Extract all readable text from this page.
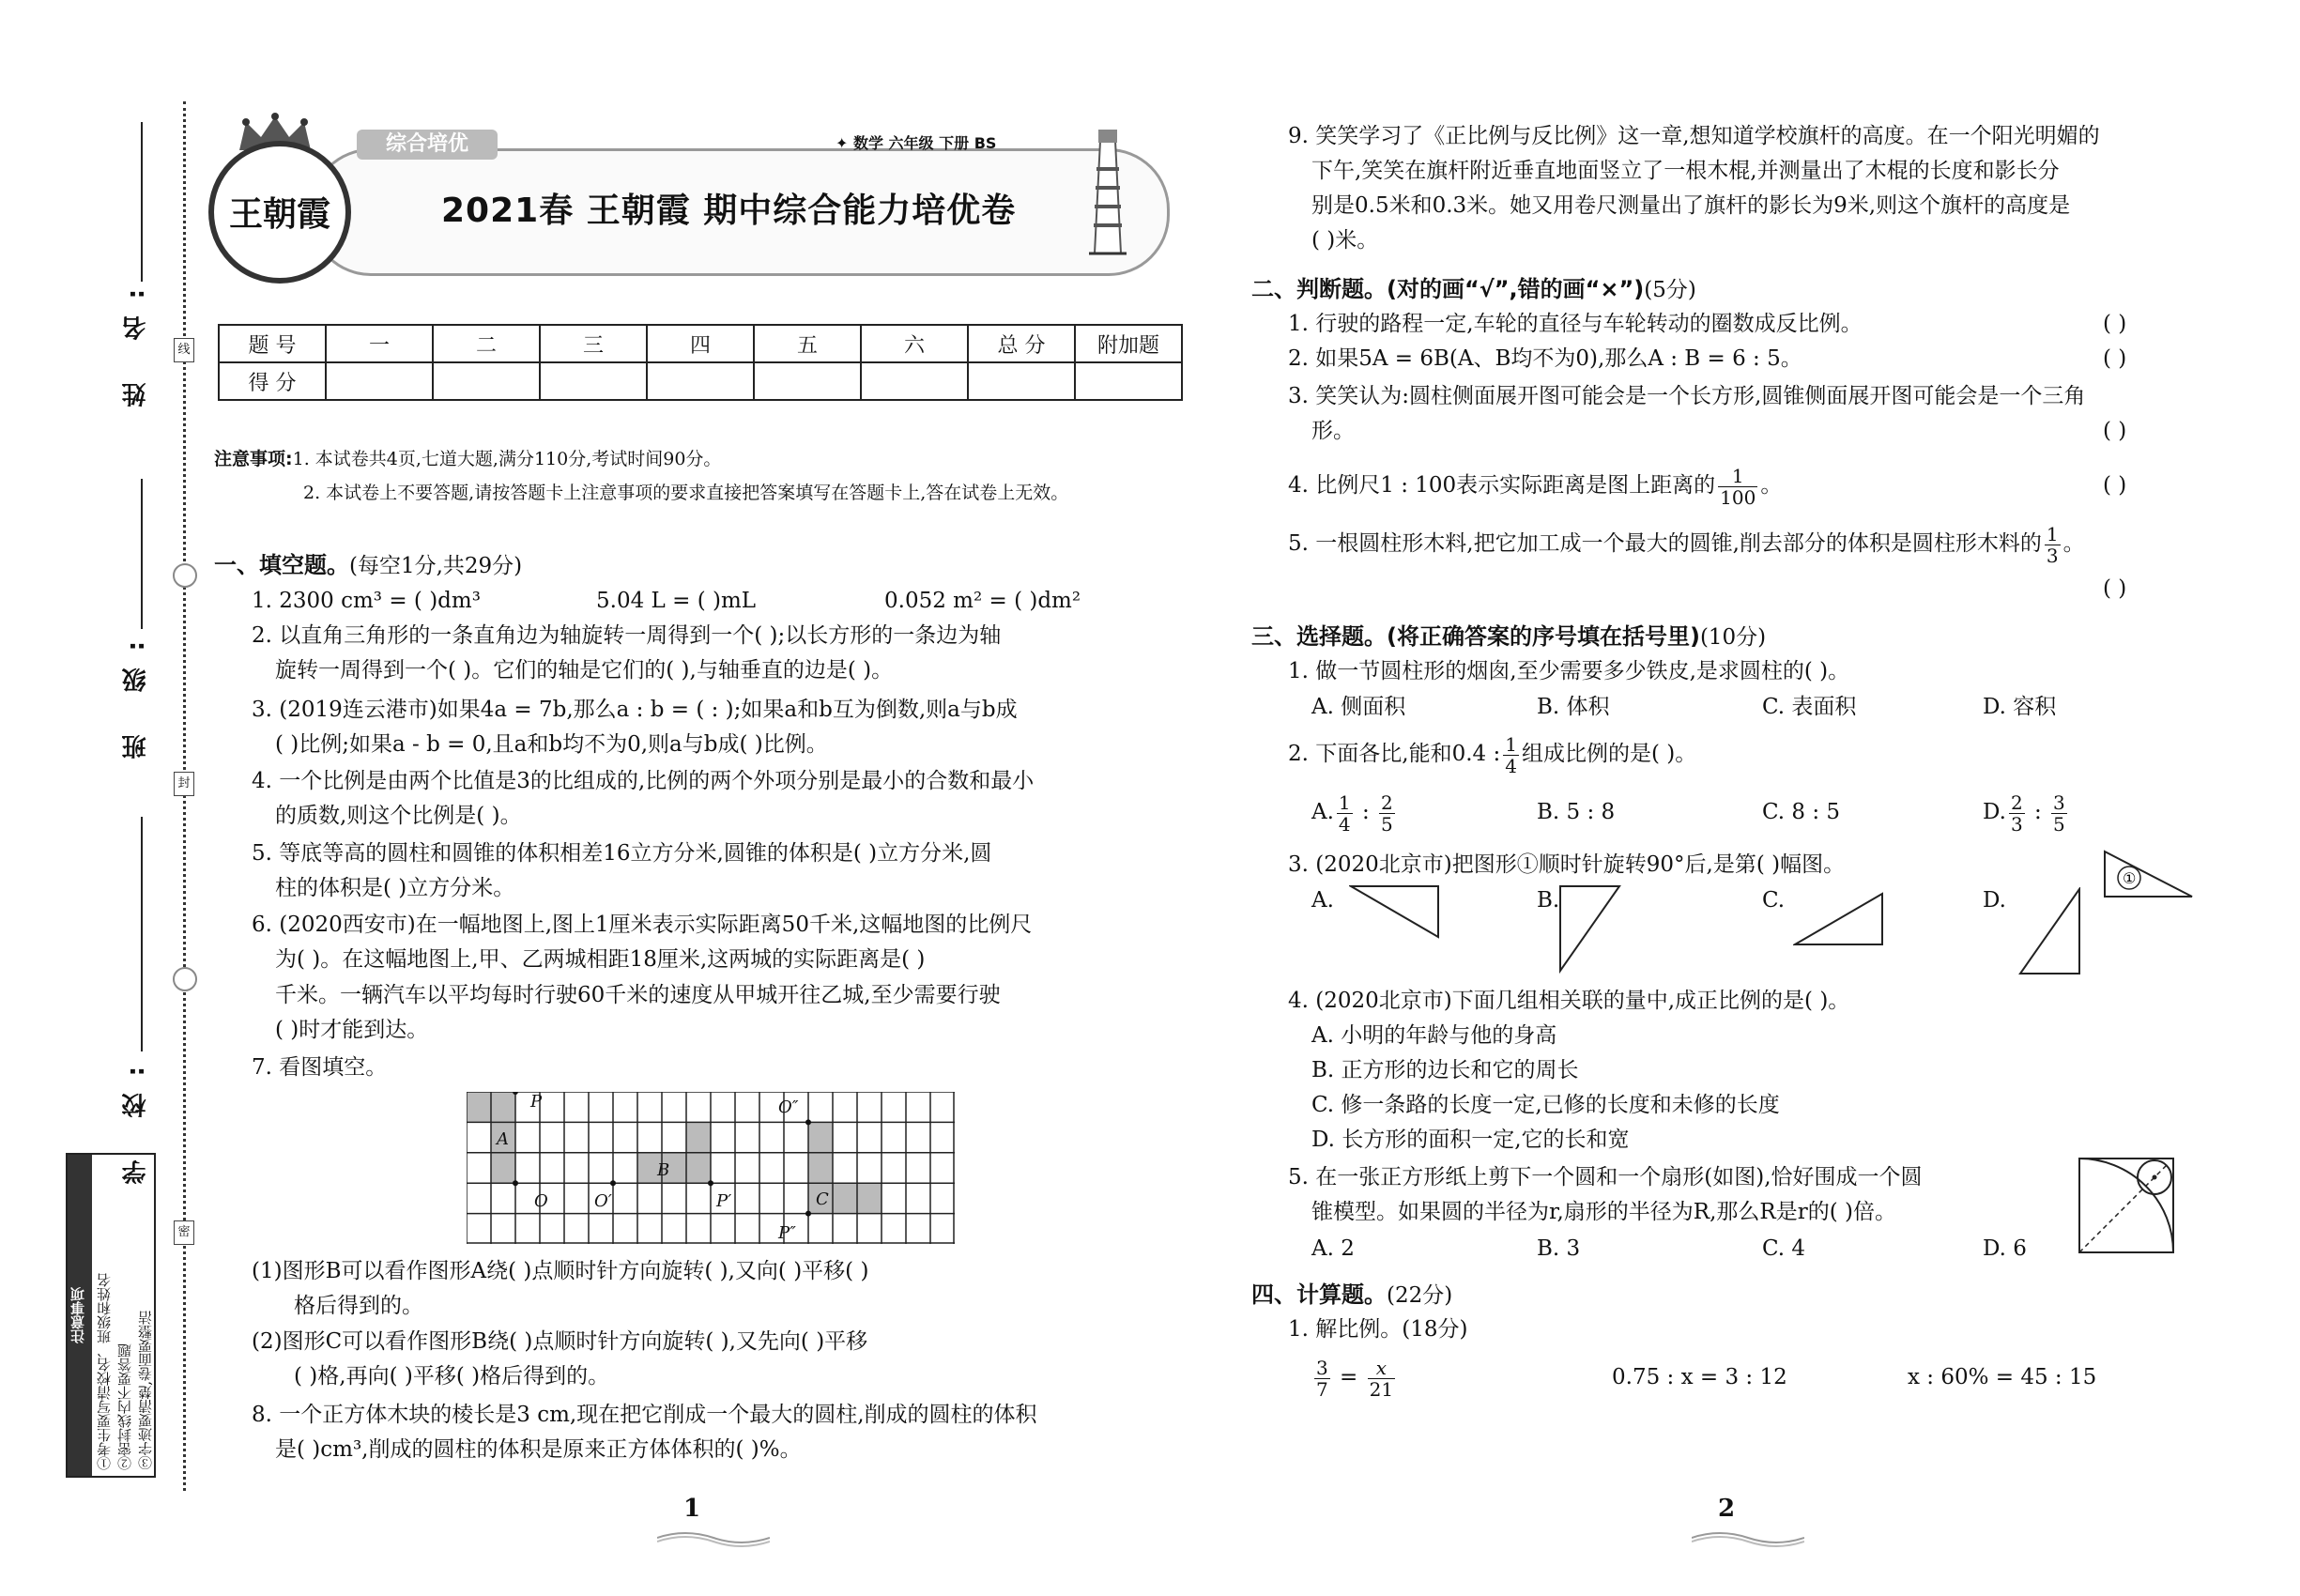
线
封
密
姓 名:
班 级:
学 校:
注意事项 ①考生要写清校名、班级和姓名 ②密封线内不要答题 ③字迹要清楚,卷面要整洁
王朝霞
综合培优	✦ 数学 六年级 下册 BS
2021春 王朝霞 期中综合能力培优卷
题 号	一	二	三	四	五	六	总 分	附加题
得 分								
注意事项:1. 本试卷共4页,七道大题,满分110分,考试时间90分。
2. 本试卷上不要答题,请按答题卡上注意事项的要求直接把答案填写在答题卡上,答在试卷上无效。
一、填空题。(每空1分,共29分)
1. 2300 cm³ = ( )dm³	5.04 L = ( )mL	0.052 m² = ( )dm²
2. 以直角三角形的一条直角边为轴旋转一周得到一个( );以长方形的一条边为轴
旋转一周得到一个( )。它们的轴是它们的( ),与轴垂直的边是( )。
3. (2019连云港市)如果4a = 7b,那么a : b = ( : );如果a和b互为倒数,则a与b成
( )比例;如果a - b = 0,且a和b均不为0,则a与b成( )比例。
4. 一个比例是由两个比值是3的比组成的,比例的两个外项分别是最小的合数和最小
的质数,则这个比例是( )。
5. 等底等高的圆柱和圆锥的体积相差16立方分米,圆锥的体积是( )立方分米,圆
柱的体积是( )立方分米。
6. (2020西安市)在一幅地图上,图上1厘米表示实际距离50千米,这幅地图的比例尺
为( )。在这幅地图上,甲、乙两城相距18厘米,这两城的实际距离是( )
千米。一辆汽车以平均每时行驶60千米的速度从甲城开往乙城,至少需要行驶
( )时才能到达。
7. 看图填空。
P
A
O	O′
B
P′
O″
C
P″
(1)图形B可以看作图形A绕( )点顺时针方向旋转( ),又向( )平移( )
格后得到的。
(2)图形C可以看作图形B绕( )点顺时针方向旋转( ),又先向( )平移
( )格,再向( )平移( )格后得到的。
8. 一个正方体木块的棱长是3 cm,现在把它削成一个最大的圆柱,削成的圆柱的体积
是( )cm³,削成的圆柱的体积是原来正方体体积的( )%。
1
9. 笑笑学习了《正比例与反比例》这一章,想知道学校旗杆的高度。在一个阳光明媚的
下午,笑笑在旗杆附近垂直地面竖立了一根木棍,并测量出了木棍的长度和影长分
别是0.5米和0.3米。她又用卷尺测量出了旗杆的影长为9米,则这个旗杆的高度是
( )米。
二、判断题。(对的画“√”,错的画“×”)(5分)
1. 行驶的路程一定,车轮的直径与车轮转动的圈数成反比例。	( )
2. 如果5A = 6B(A、B均不为0),那么A : B = 6 : 5。	( )
3. 笑笑认为:圆柱侧面展开图可能会是一个长方形,圆锥侧面展开图可能会是一个三角
形。	( )
4. 比例尺1 : 100表示实际距离是图上距离的 $\frac{1}{100}$ 。	( )
5. 一根圆柱形木料,把它加工成一个最大的圆锥,削去部分的体积是圆柱形木料的 $\frac{1}{3}$ 。
( )
三、选择题。(将正确答案的序号填在括号里)(10分)
1. 做一节圆柱形的烟囱,至少需要多少铁皮,是求圆柱的( )。
A. 侧面积	B. 体积	C. 表面积	D. 容积
2. 下面各比,能和0.4 : $\frac{1}{4}$ 组成比例的是( )。
A. $\frac{1}{4}$ : $\frac{2}{5}$	B. 5 : 8	C. 8 : 5	D. $\frac{2}{3}$ : $\frac{3}{5}$
3. (2020北京市)把图形①顺时针旋转90°后,是第( )幅图。
①
A.	B.	C.	D.
4. (2020北京市)下面几组相关联的量中,成正比例的是( )。
A. 小明的年龄与他的身高
B. 正方形的边长和它的周长
C. 修一条路的长度一定,已修的长度和未修的长度
D. 长方形的面积一定,它的长和宽
5. 在一张正方形纸上剪下一个圆和一个扇形(如图),恰好围成一个圆
锥模型。如果圆的半径为r,扇形的半径为R,那么R是r的( )倍。
A. 2	B. 3	C. 4	D. 6
四、计算题。(22分)
1. 解比例。(18分)
$\frac{3}{7} = \frac{x}{21}$	0.75 : x = 3 : 12	x : 60% = 45 : 15
2
